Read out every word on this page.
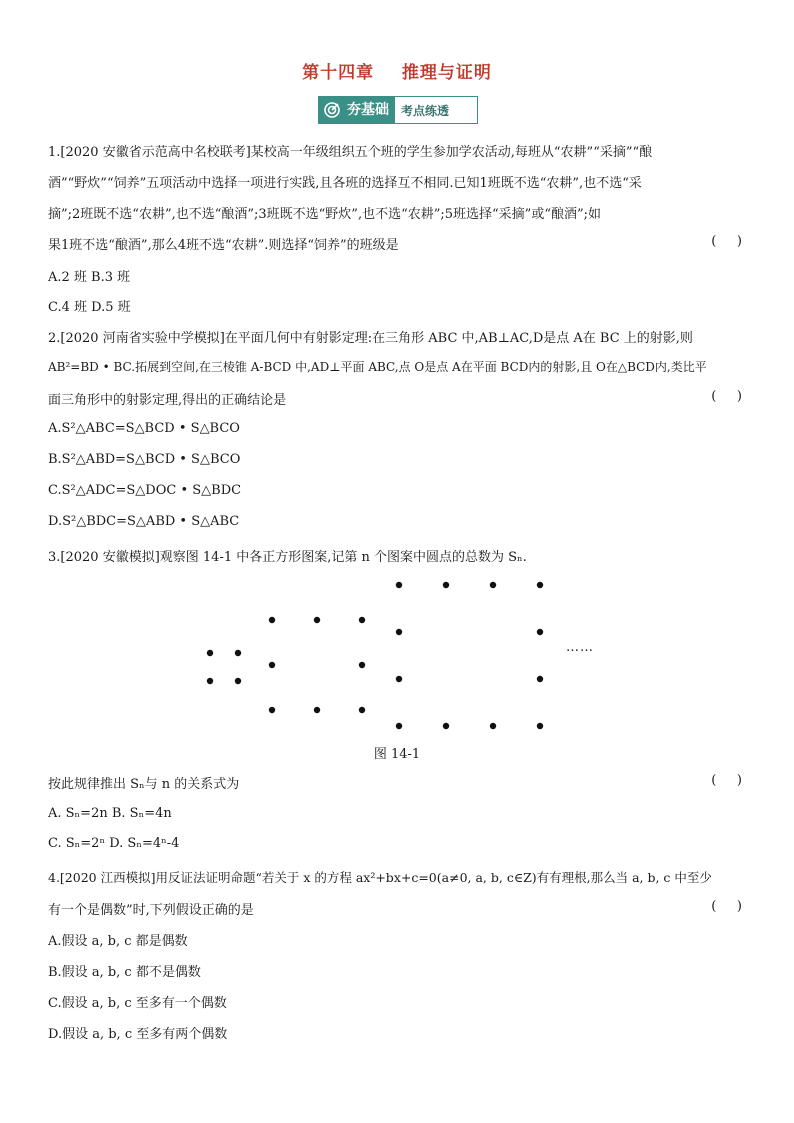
第十四章    推理与证明
夯基础	考点练透
1.[2020 安徽省示范高中名校联考]某校高一年级组织五个班的学生参加学农活动,每班从“农耕”“采摘”“酿
酒”“野炊”“饲养”五项活动中选择一项进行实践,且各班的选择互不相同.已知1班既不选“农耕”,也不选“采
摘”;2班既不选“农耕”,也不选“酿酒”;3班既不选“野炊”,也不选“农耕”;5班选择“采摘”或“酿酒”;如
果1班不选“酿酒”,那么4班不选“农耕”.则选择“饲养”的班级是	(     )
A.2 班 B.3 班
C.4 班 D.5 班
2.[2020 河南省实验中学模拟]在平面几何中有射影定理:在三角形 ABC 中,AB⊥AC,D是点 A在 BC 上的射影,则
AB²=BD • BC.拓展到空间,在三棱锥 A-BCD 中,AD⊥平面 ABC,点 O是点 A在平面 BCD内的射影,且 O在△BCD内,类比平
面三角形中的射影定理,得出的正确结论是	(     )
A.S²△ABC=S△BCD • S△BCO
B.S²△ABD=S△BCD • S△BCO
C.S²△ADC=S△DOC • S△BDC
D.S²△BDC=S△ABD • S△ABC
3.[2020 安徽模拟]观察图 14-1 中各正方形图案,记第 n 个图案中圆点的总数为 Sₙ.
……
图 14-1
按此规律推出 Sₙ与 n 的关系式为	(     )
A. Sₙ=2n B. Sₙ=4n
C. Sₙ=2ⁿ D. Sₙ=4ⁿ-4
4.[2020 江西模拟]用反证法证明命题“若关于 x 的方程 ax²+bx+c=0(a≠0, a, b, c∈Z)有有理根,那么当 a, b, c 中至少
有一个是偶数”时,下列假设正确的是	(     )
A.假设 a, b, c 都是偶数
B.假设 a, b, c 都不是偶数
C.假设 a, b, c 至多有一个偶数
D.假设 a, b, c 至多有两个偶数
